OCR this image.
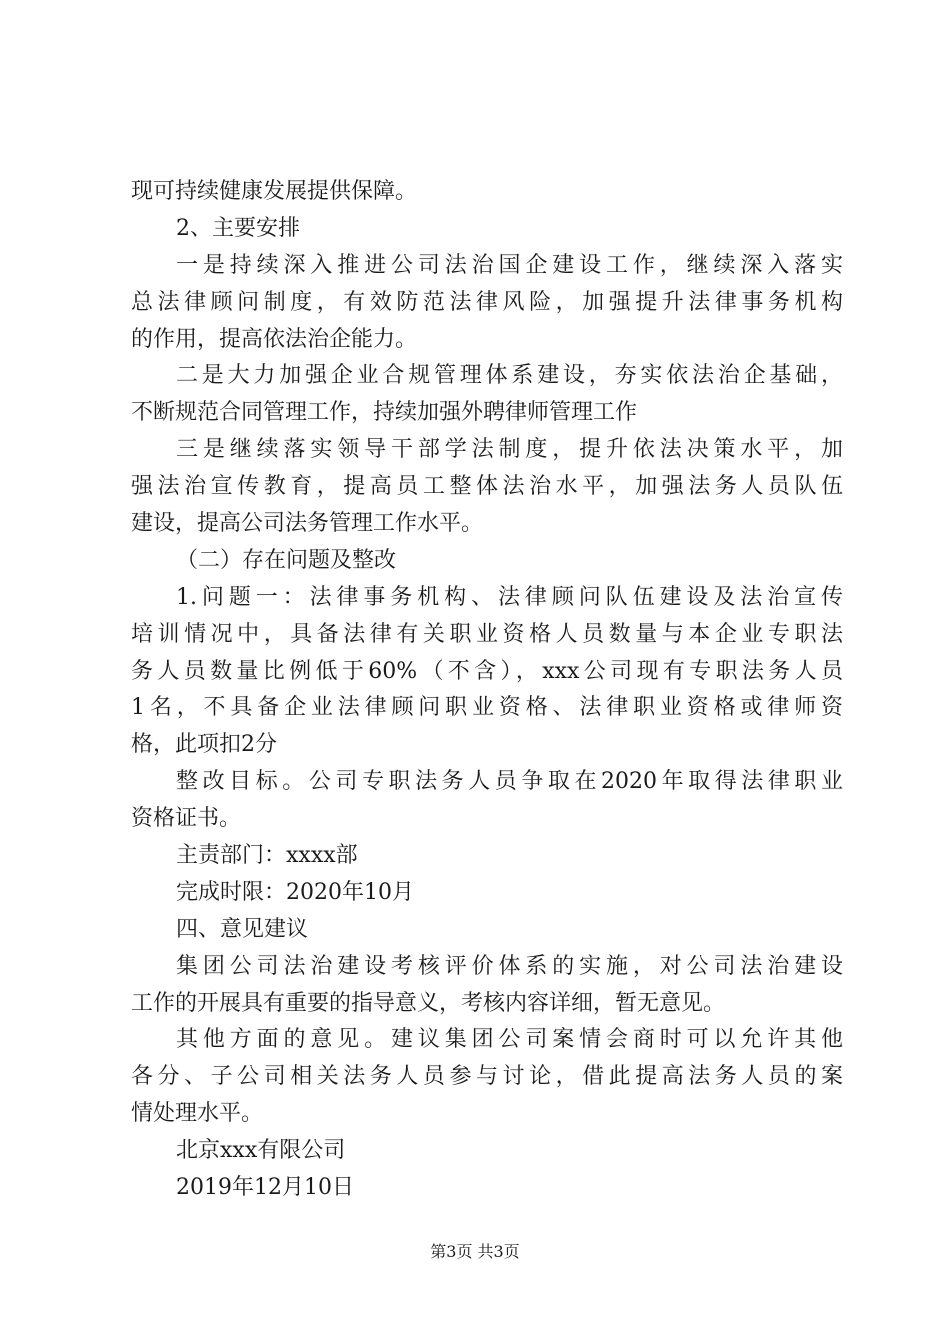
现可持续健康发展提供保障。
2、主要安排
一是持续深入推进公司法治国企建设工作，继续深入落实
总法律顾问制度，有效防范法律风险，加强提升法律事务机构
的作用，提高依法治企能力。
二是大力加强企业合规管理体系建设，夯实依法治企基础，
不断规范合同管理工作，持续加强外聘律师管理工作
三是继续落实领导干部学法制度，提升依法决策水平，加
强法治宣传教育，提高员工整体法治水平，加强法务人员队伍
建设，提高公司法务管理工作水平。
（二）存在问题及整改
1.问题一：法律事务机构、法律顾问队伍建设及法治宣传
培训情况中，具备法律有关职业资格人员数量与本企业专职法
务人员数量比例低于60%（不含），xxx公司现有专职法务人员
1名，不具备企业法律顾问职业资格、法律职业资格或律师资
格，此项扣2分
整改目标。公司专职法务人员争取在2020年取得法律职业
资格证书。
主责部门：xxxx部
完成时限：2020年10月
四、意见建议
集团公司法治建设考核评价体系的实施，对公司法治建设
工作的开展具有重要的指导意义，考核内容详细，暂无意见。
其他方面的意见。建议集团公司案情会商时可以允许其他
各分、子公司相关法务人员参与讨论，借此提高法务人员的案
情处理水平。
北京xxx有限公司
2019年12月10日
第3页 共3页
